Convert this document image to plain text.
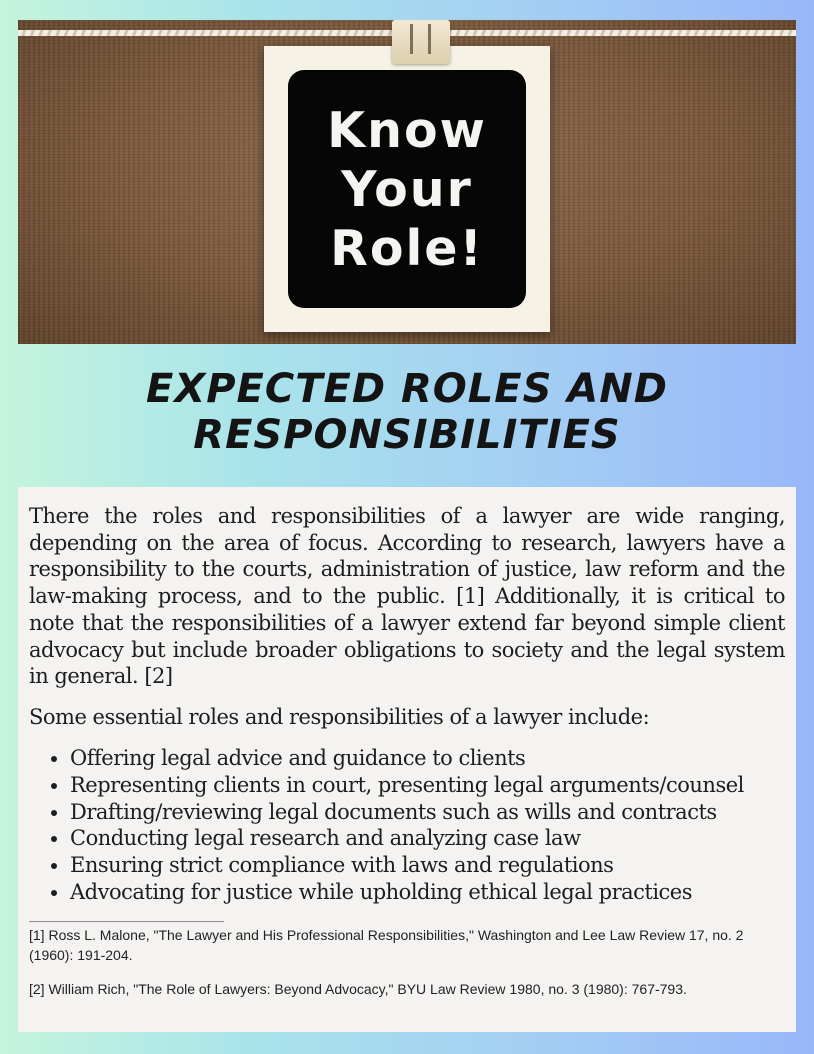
Know
Your
Role!
EXPECTED ROLES AND
RESPONSIBILITIES

There the roles and responsibilities of a lawyer are wide ranging, depending on the area of focus. According to research, lawyers have a responsibility to the courts, administration of justice, law reform and the law-making process, and to the public. [1] Additionally, it is critical to note that the responsibilities of a lawyer extend far beyond simple client advocacy but include broader obligations to society and the legal system in general. [2]

Some essential roles and responsibilities of a lawyer include:

• Offering legal advice and guidance to clients
• Representing clients in court, presenting legal arguments/counsel
• Drafting/reviewing legal documents such as wills and contracts
• Conducting legal research and analyzing case law
• Ensuring strict compliance with laws and regulations
• Advocating for justice while upholding ethical legal practices
______________________________

[1] Ross L. Malone, "The Lawyer and His Professional Responsibilities," Washington and Lee Law Review 17, no. 2 (1960): 191-204.

[2] William Rich, "The Role of Lawyers: Beyond Advocacy," BYU Law Review 1980, no. 3 (1980): 767-793.
